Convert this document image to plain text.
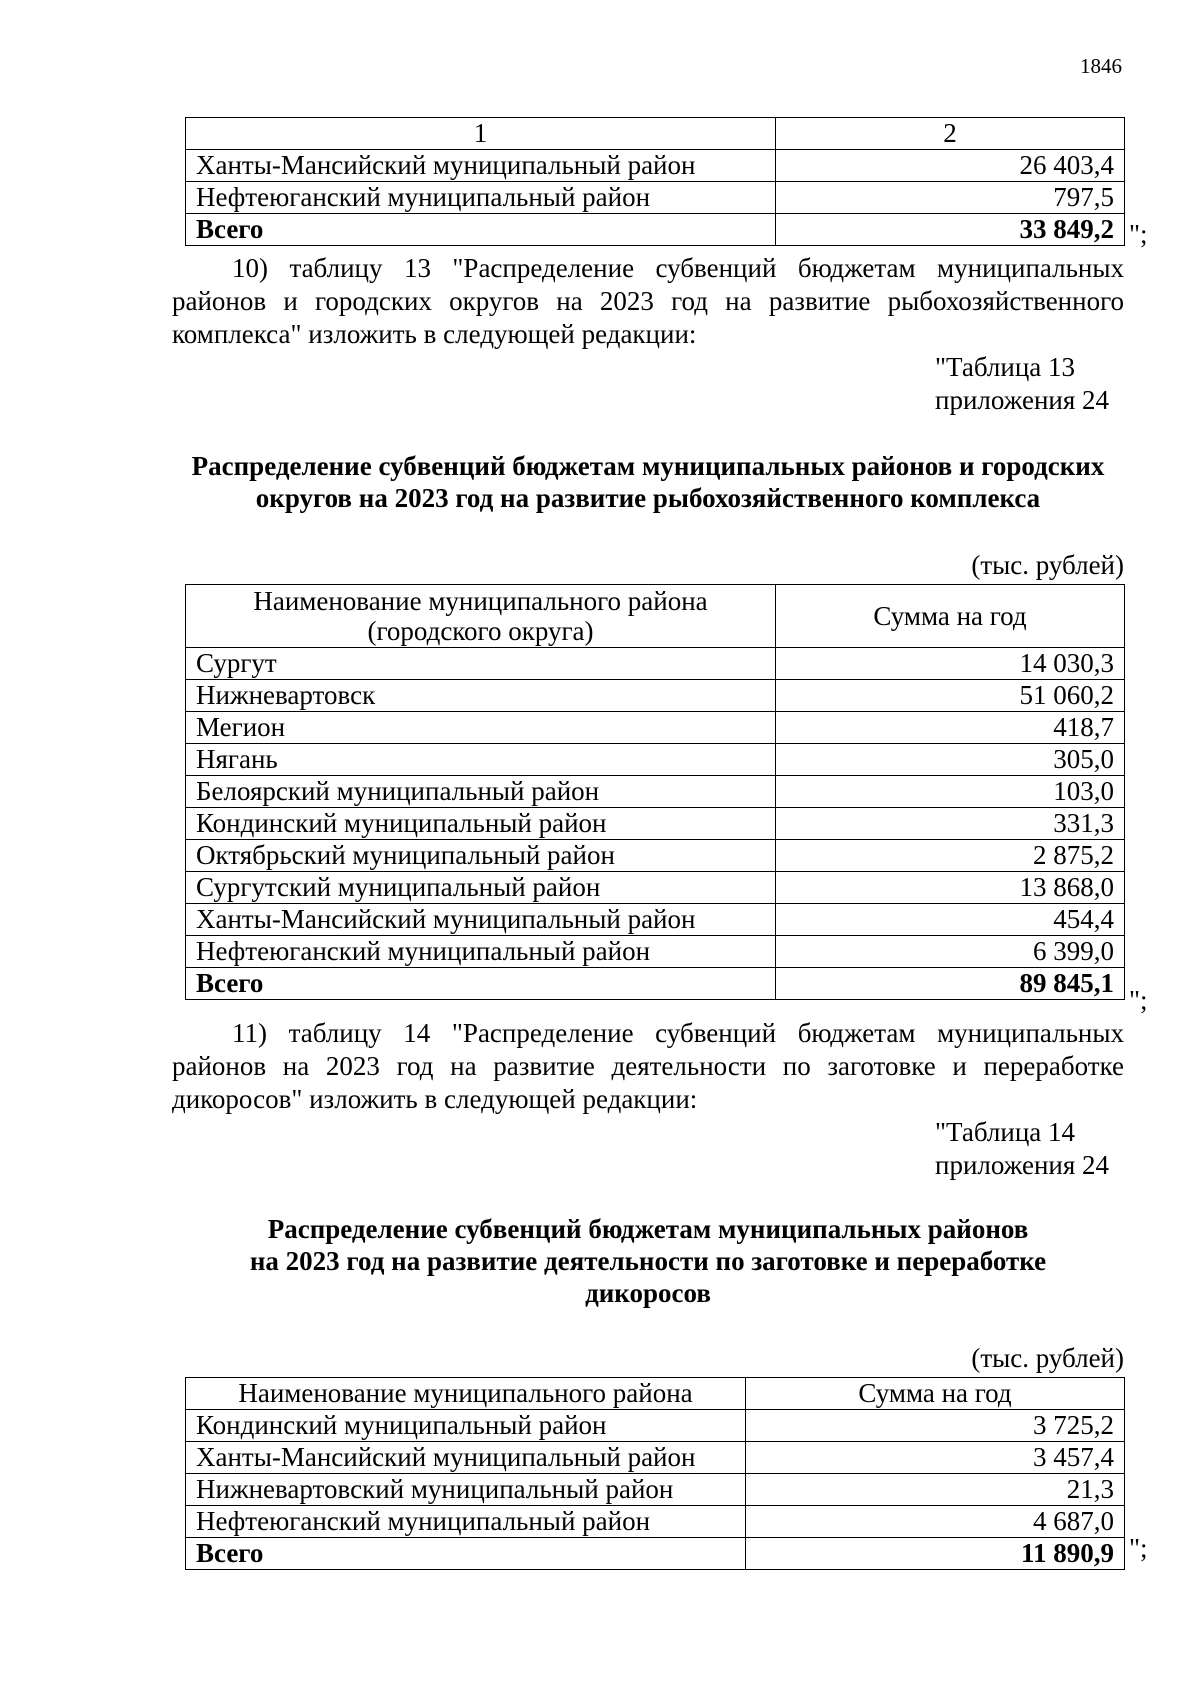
1846
1	2
Ханты-Мансийский муниципальный район	26 403,4
Нефтеюганский муниципальный район	797,5
Всего	33 849,2 ";
10) таблицу 13 "Распределение субвенций бюджетам муниципальных
районов и городских округов на 2023 год на развитие рыбохозяйственного
комплекса" изложить в следующей редакции:
"Таблица 13
приложения 24
Распределение субвенций бюджетам муниципальных районов и городских
округов на 2023 год на развитие рыбохозяйственного комплекса
(тыс. рублей)
Наименование муниципального района
(городского округа)	Сумма на год
Сургут	14 030,3
Нижневартовск	51 060,2
Мегион	418,7
Нягань	305,0
Белоярский муниципальный район	103,0
Кондинский муниципальный район	331,3
Октябрьский муниципальный район	2 875,2
Сургутский муниципальный район	13 868,0
Ханты-Мансийский муниципальный район	454,4
Нефтеюганский муниципальный район	6 399,0
Всего	89 845,1
";
11) таблицу 14 "Распределение субвенций бюджетам муниципальных
районов на 2023 год на развитие деятельности по заготовке и переработке
дикоросов" изложить в следующей редакции:
"Таблица 14
приложения 24
Распределение субвенций бюджетам муниципальных районов
на 2023 год на развитие деятельности по заготовке и переработке
дикоросов
(тыс. рублей)
Наименование муниципального района	Сумма на год
Кондинский муниципальный район	3 725,2
Ханты-Мансийский муниципальный район	3 457,4
Нижневартовский муниципальный район	21,3
Нефтеюганский муниципальный район	4 687,0
Всего	11 890,9 ";
